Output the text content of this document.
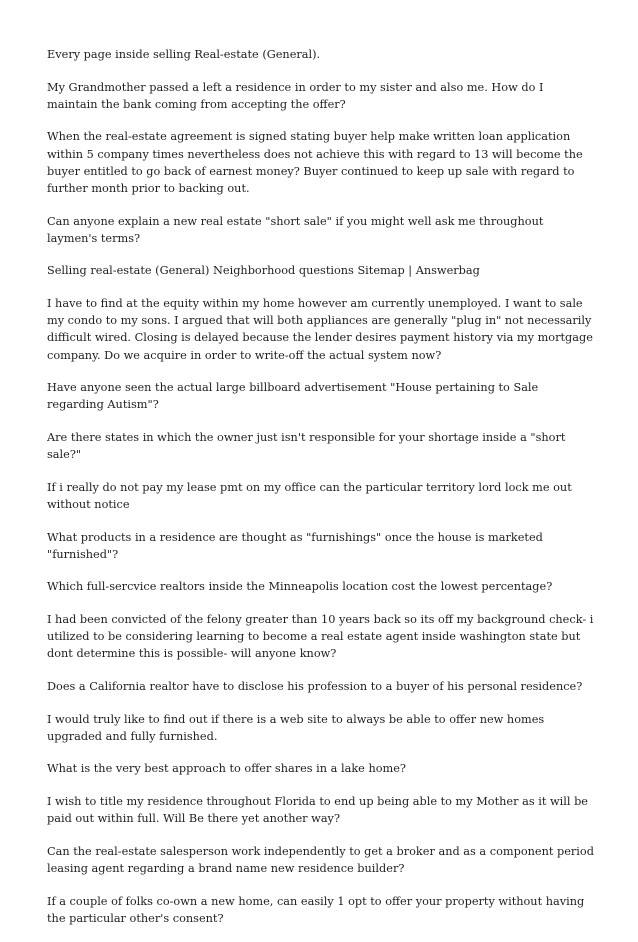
Every page inside selling Real-estate (General).

My Grandmother passed a left a residence in order to my sister and also me. How do I maintain the bank coming from accepting the offer?

When the real-estate agreement is signed stating buyer help make written loan application within 5 company times nevertheless does not achieve this with regard to 13 will become the buyer entitled to go back of earnest money? Buyer continued to keep up sale with regard to further month prior to backing out.

Can anyone explain a new real estate "short sale" if you might well ask me throughout laymen's terms?

Selling real-estate (General) Neighborhood questions Sitemap | Answerbag

I have to find at the equity within my home however am currently unemployed. I want to sale my condo to my sons. I argued that will both appliances are generally "plug in" not necessarily difficult wired. Closing is delayed because the lender desires payment history via my mortgage company. Do we acquire in order to write-off the actual system now?

Have anyone seen the actual large billboard advertisement "House pertaining to Sale regarding Autism"?

Are there states in which the owner just isn't responsible for your shortage inside a "short sale?"

If i really do not pay my lease pmt on my office can the particular territory lord lock me out without notice

What products in a residence are thought as "furnishings" once the house is marketed "furnished"?

Which full-sercvice realtors inside the Minneapolis location cost the lowest percentage?

I had been convicted of the felony greater than 10 years back so its off my background check- i utilized to be considering learning to become a real estate agent inside washington state but dont determine this is possible- will anyone know?

Does a California realtor have to disclose his profession to a buyer of his personal residence?

I would truly like to find out if there is a web site to always be able to offer new homes upgraded and fully furnished.

What is the very best approach to offer shares in a lake home?

I wish to title my residence throughout Florida to end up being able to my Mother as it will be paid out within full. Will Be there yet another way?

Can the real-estate salesperson work independently to get a broker and as a component period leasing agent regarding a brand name new residence builder?

If a couple of folks co-own a new home, can easily 1 opt to offer your property without having the particular other's consent?
